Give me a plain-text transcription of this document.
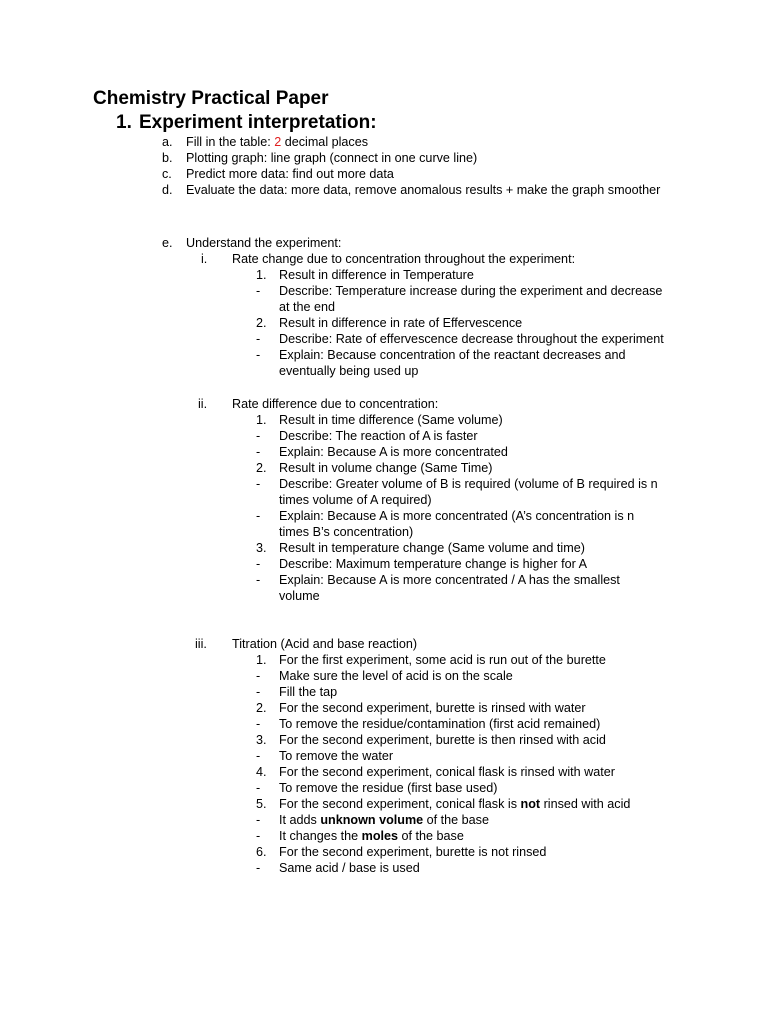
Chemistry Practical Paper
1. Experiment interpretation:
a. Fill in the table: 2 decimal places
b. Plotting graph: line graph (connect in one curve line)
c. Predict more data: find out more data
d. Evaluate the data: more data, remove anomalous results + make the graph smoother
e. Understand the experiment:
i. Rate change due to concentration throughout the experiment:
1. Result in difference in Temperature
- Describe: Temperature increase during the experiment and decrease
at the end
2. Result in difference in rate of Effervescence
- Describe: Rate of effervescence decrease throughout the experiment
- Explain: Because concentration of the reactant decreases and
eventually being used up
ii. Rate difference due to concentration:
1. Result in time difference (Same volume)
- Describe: The reaction of A is faster
- Explain: Because A is more concentrated
2. Result in volume change (Same Time)
- Describe: Greater volume of B is required (volume of B required is n
times volume of A required)
- Explain: Because A is more concentrated (A’s concentration is n
times B’s concentration)
3. Result in temperature change (Same volume and time)
- Describe: Maximum temperature change is higher for A
- Explain: Because A is more concentrated / A has the smallest
volume
iii. Titration (Acid and base reaction)
1. For the first experiment, some acid is run out of the burette
- Make sure the level of acid is on the scale
- Fill the tap
2. For the second experiment, burette is rinsed with water
- To remove the residue/contamination (first acid remained)
3. For the second experiment, burette is then rinsed with acid
- To remove the water
4. For the second experiment, conical flask is rinsed with water
- To remove the residue (first base used)
5. For the second experiment, conical flask is not rinsed with acid
- It adds unknown volume of the base
- It changes the moles of the base
6. For the second experiment, burette is not rinsed
- Same acid / base is used
